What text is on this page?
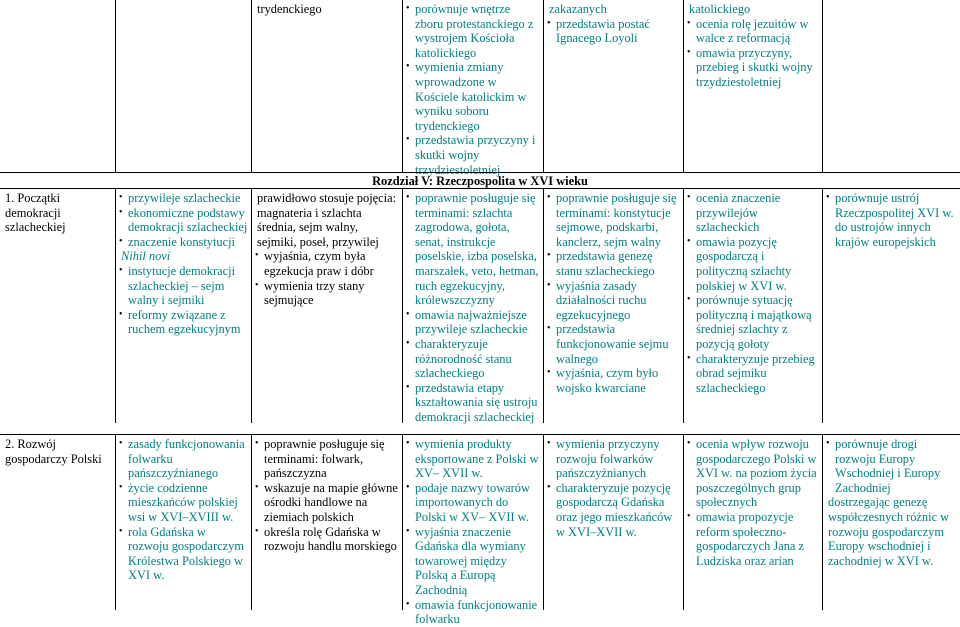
trydenckiego
•	porównuje wnętrze zboru protestanckiego z wystrojem Kościoła katolickiego
• wymienia zmiany wprowadzone w Kościele katolickim w wyniku soboru trydenckiego
• przedstawia przyczyny i skutki wojny trzydziestoletniej
zakazanych
• przedstawia postać Ignacego Loyoli
katolickiego
• ocenia rolę jezuitów w walce z reformacją
• omawia przyczyny, przebieg i skutki wojny trzydziestoletniej
Rozdział V: Rzeczpospolita w XVI wieku
1. Początki demokracji szlacheckiej
• przywileje szlacheckie
• ekonomiczne podstawy demokracji szlacheckiej
• znaczenie konstytucji
Nihil novi
• instytucje demokracji szlacheckiej – sejm walny i sejmiki
• reformy związane z ruchem egzekucyjnym
prawidłowo stosuje pojęcia: magnateria i szlachta średnia, sejm walny, sejmiki, poseł, przywilej
• wyjaśnia, czym była egzekucja praw i dóbr
• wymienia trzy stany sejmujące
• poprawnie posługuje się terminami: szlachta zagrodowa, gołota, senat, instrukcje poselskie, izba poselska, marszałek, veto, hetman, ruch egzekucyjny, królewszczyzny
• omawia najważniejsze przywileje szlacheckie
• charakteryzuje różnorodność stanu szlacheckiego
• przedstawia etapy kształtowania się ustroju demokracji szlacheckiej
• poprawnie posługuje się terminami: konstytucje sejmowe, podskarbi, kanclerz, sejm walny
• przedstawia genezę stanu szlacheckiego
• wyjaśnia zasady działalności ruchu egzekucyjnego
• przedstawia funkcjonowanie sejmu walnego
• wyjaśnia, czym było wojsko kwarciane
• ocenia znaczenie przywilejów szlacheckich
• omawia pozycję gospodarczą i polityczną szlachty polskiej w XVI w.
• porównuje sytuację polityczną i majątkową średniej szlachty z pozycją gołoty
• charakteryzuje przebieg obrad sejmiku szlacheckiego
• porównuje ustrój Rzeczpospolitej XVI w. do ustrojów innych krajów europejskich
2. Rozwój gospodarczy Polski
• zasady funkcjonowania folwarku pańszczyźnianego
• życie codzienne mieszkańców polskiej wsi w XVI–XVIII w.
• rola Gdańska w rozwoju gospodarczym Królestwa Polskiego w XVI w.
• poprawnie posługuje się terminami: folwark, pańszczyzna
• wskazuje na mapie główne ośrodki handlowe na ziemiach polskich
• określa rolę Gdańska w rozwoju handlu morskiego
• wymienia produkty eksportowane z Polski w XV– XVII w.
• podaje nazwy towarów importowanych do Polski w XV– XVII w.
• wyjaśnia znaczenie Gdańska dla wymiany towarowej między Polską a Europą Zachodnią
• omawia funkcjonowanie folwarku
• wymienia przyczyny rozwoju folwarków pańszczyźnianych
• charakteryzuje pozycję gospodarczą Gdańska oraz jego mieszkańców w XVI–XVII w.
• ocenia wpływ rozwoju gospodarczego Polski w XVI w. na poziom życia poszczególnych grup społecznych
• omawia propozycje reform społeczno-gospodarczych Jana z Ludziska oraz arian
• porównuje drogi rozwoju Europy Wschodniej i Europy Zachodniej
dostrzegając genezę współczesnych różnic w rozwoju gospodarczym Europy wschodniej i zachodniej w XVI w.
